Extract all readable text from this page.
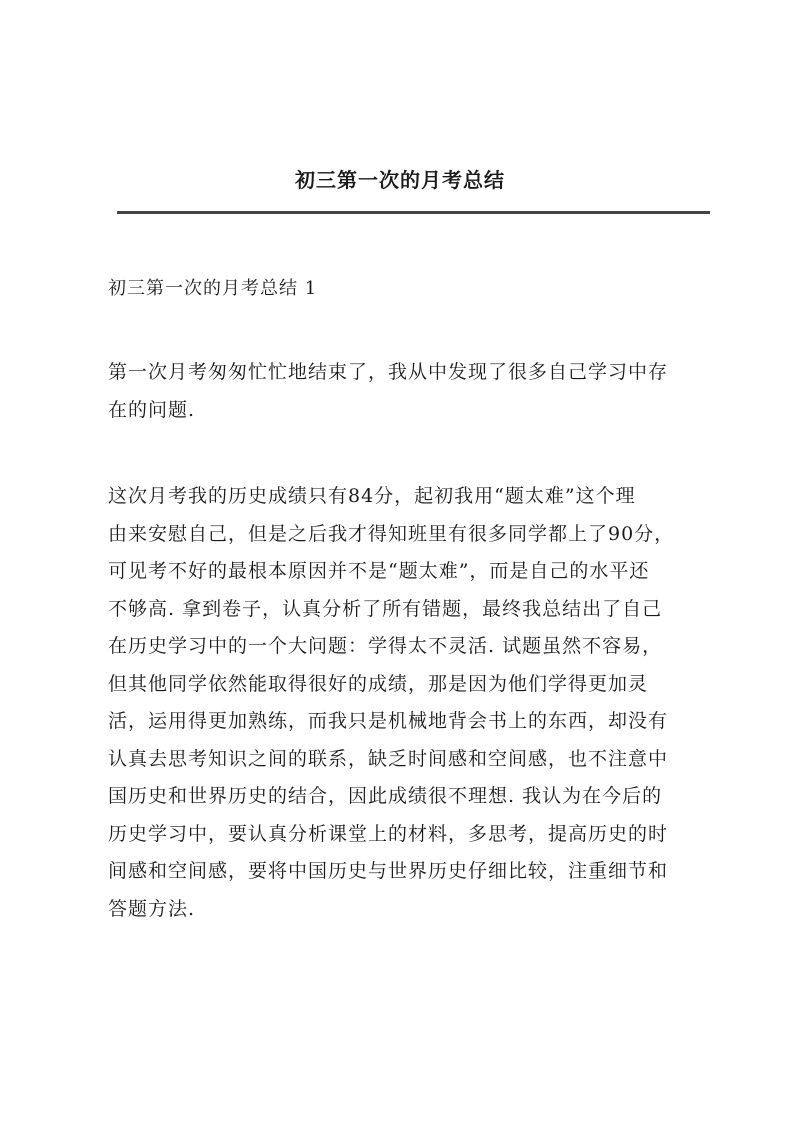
初三第一次的月考总结
初三第一次的月考总结 1
第一次月考匆匆忙忙地结束了，我从中发现了很多自己学习中存
在的问题.
这次月考我的历史成绩只有84分，起初我用“题太难”这个理
由来安慰自己，但是之后我才得知班里有很多同学都上了90分，
可见考不好的最根本原因并不是“题太难”，而是自己的水平还
不够高. 拿到卷子，认真分析了所有错题，最终我总结出了自己
在历史学习中的一个大问题：学得太不灵活. 试题虽然不容易，
但其他同学依然能取得很好的成绩，那是因为他们学得更加灵
活，运用得更加熟练，而我只是机械地背会书上的东西，却没有
认真去思考知识之间的联系，缺乏时间感和空间感，也不注意中
国历史和世界历史的结合，因此成绩很不理想. 我认为在今后的
历史学习中，要认真分析课堂上的材料，多思考，提高历史的时
间感和空间感，要将中国历史与世界历史仔细比较，注重细节和
答题方法.
